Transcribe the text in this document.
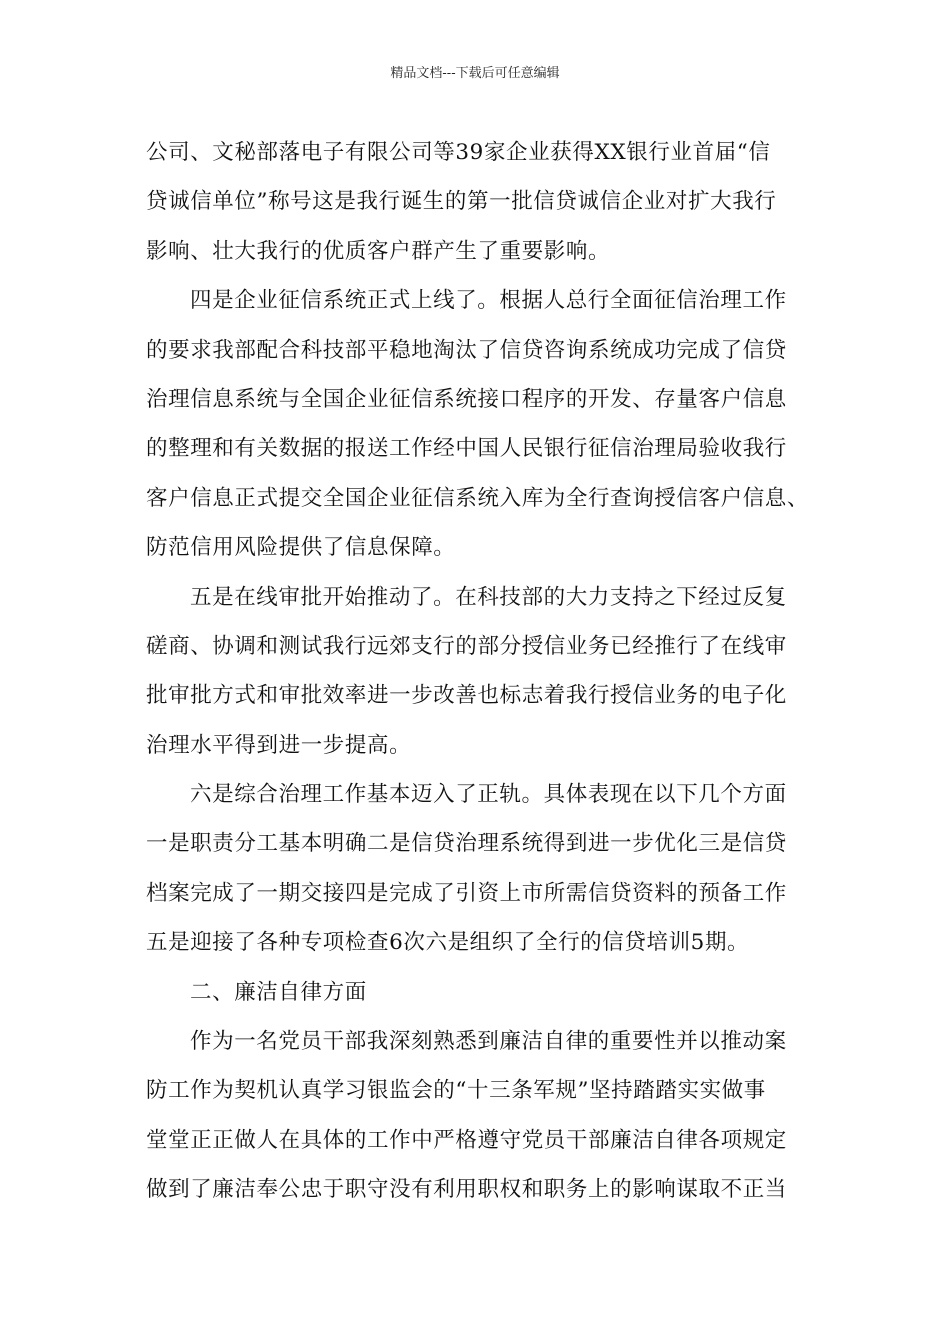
精品文档---下载后可任意编辑
公司、文秘部落电子有限公司等39家企业获得XX银行业首届“信
贷诚信单位”称号这是我行诞生的第一批信贷诚信企业对扩大我行
影响、壮大我行的优质客户群产生了重要影响。
四是企业征信系统正式上线了。根据人总行全面征信治理工作
的要求我部配合科技部平稳地淘汰了信贷咨询系统成功完成了信贷
治理信息系统与全国企业征信系统接口程序的开发、存量客户信息
的整理和有关数据的报送工作经中国人民银行征信治理局验收我行
客户信息正式提交全国企业征信系统入库为全行查询授信客户信息、
防范信用风险提供了信息保障。
五是在线审批开始推动了。在科技部的大力支持之下经过反复
磋商、协调和测试我行远郊支行的部分授信业务已经推行了在线审
批审批方式和审批效率进一步改善也标志着我行授信业务的电子化
治理水平得到进一步提高。
六是综合治理工作基本迈入了正轨。具体表现在以下几个方面
一是职责分工基本明确二是信贷治理系统得到进一步优化三是信贷
档案完成了一期交接四是完成了引资上市所需信贷资料的预备工作
五是迎接了各种专项检查6次六是组织了全行的信贷培训5期。
二、廉洁自律方面
作为一名党员干部我深刻熟悉到廉洁自律的重要性并以推动案
防工作为契机认真学习银监会的“十三条军规”坚持踏踏实实做事
堂堂正正做人在具体的工作中严格遵守党员干部廉洁自律各项规定
做到了廉洁奉公忠于职守没有利用职权和职务上的影响谋取不正当
